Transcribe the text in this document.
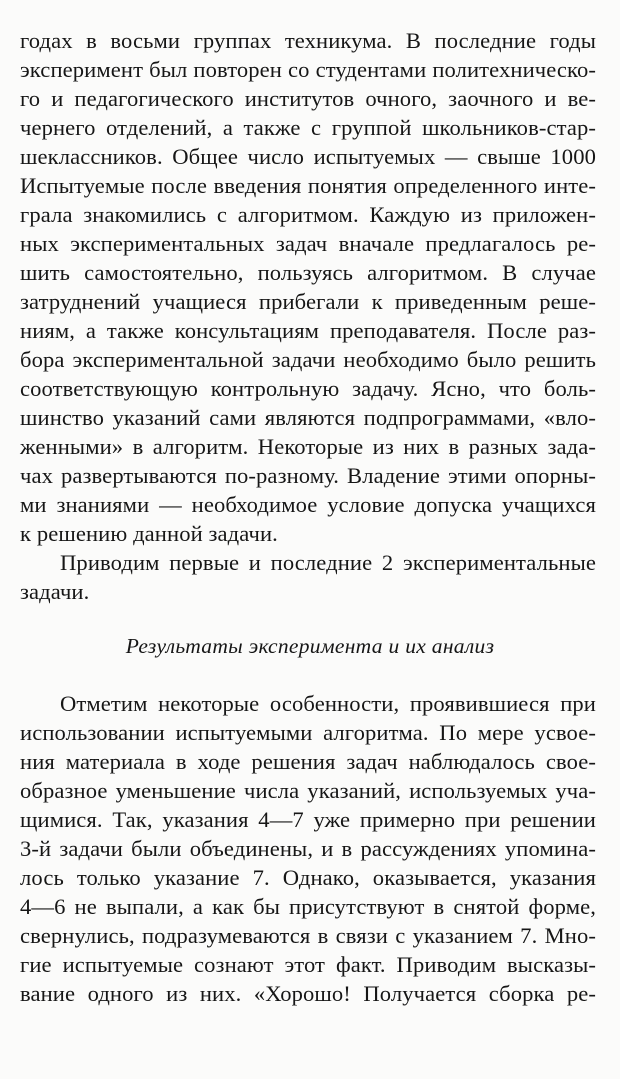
годах в восьми группах техникума. В последние годы
эксперимент был повторен со студентами политехническо-
го и педагогического институтов очного, заочного и ве-
чернего отделений, а также с группой школьников-стар-
шеклассников. Общее число испытуемых — свыше 1000
Испытуемые после введения понятия определенного инте-
грала знакомились с алгоритмом. Каждую из приложен-
ных экспериментальных задач вначале предлагалось ре-
шить самостоятельно, пользуясь алгоритмом. В случае
затруднений учащиеся прибегали к приведенным реше-
ниям, а также консультациям преподавателя. После раз-
бора экспериментальной задачи необходимо было решить
соответствующую контрольную задачу. Ясно, что боль-
шинство указаний сами являются подпрограммами, «вло-
женными» в алгоритм. Некоторые из них в разных зада-
чах развертываются по-разному. Владение этими опорны-
ми знаниями — необходимое условие допуска учащихся
к решению данной задачи.
Приводим первые и последние 2 экспериментальные
задачи.
Результаты эксперимента и их анализ
Отметим некоторые особенности, проявившиеся при
использовании испытуемыми алгоритма. По мере усвое-
ния материала в ходе решения задач наблюдалось свое-
образное уменьшение числа указаний, используемых уча-
щимися. Так, указания 4—7 уже примерно при решении
3-й задачи были объединены, и в рассуждениях упомина-
лось только указание 7. Однако, оказывается, указания
4—6 не выпали, а как бы присутствуют в снятой форме,
свернулись, подразумеваются в связи с указанием 7. Мно-
гие испытуемые сознают этот факт. Приводим высказы-
вание одного из них. «Хорошо! Получается сборка ре-
